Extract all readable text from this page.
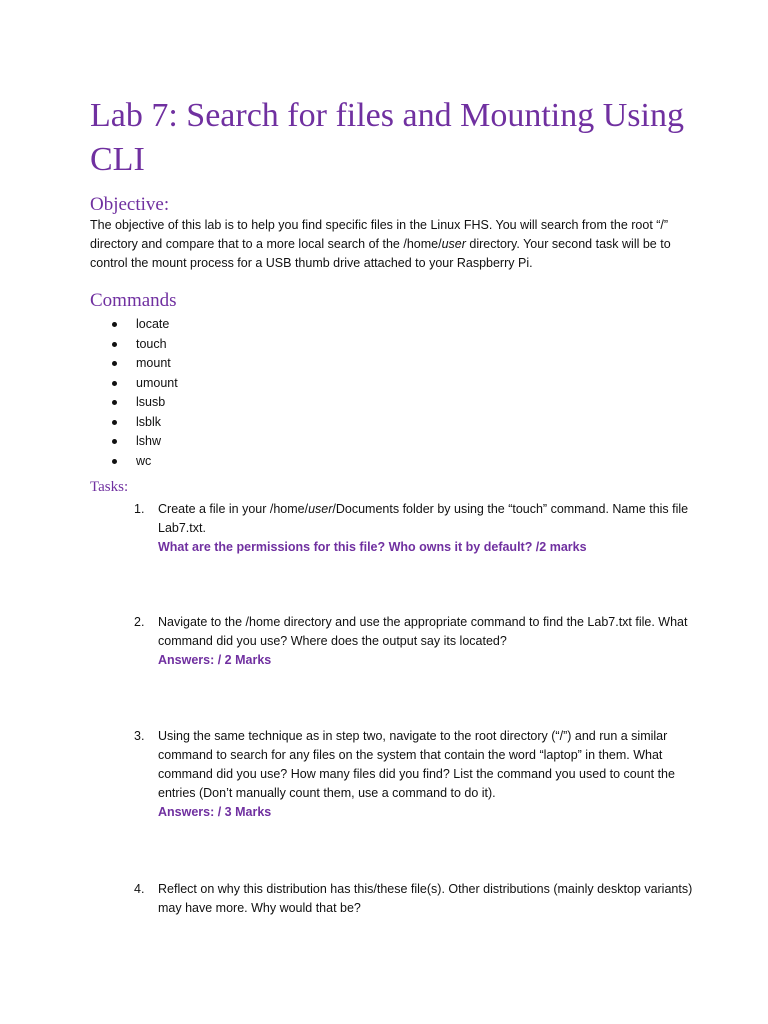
Lab 7: Search for files and Mounting Using CLI
Objective:

The objective of this lab is to help you find specific files in the Linux FHS. You will search from the root “/” directory and compare that to a more local search of the /home/user directory. Your second task will be to control the mount process for a USB thumb drive attached to your Raspberry Pi.

Commands
locate
touch
mount
umount
lsusb
lsblk
lshw
wc
Tasks:
1.	Create a file in your /home/user/Documents folder by using the “touch” command. Name this file Lab7.txt.
What are the permissions for this file? Who owns it by default? /2 marks
2.	Navigate to the /home directory and use the appropriate command to find the Lab7.txt file. What command did you use? Where does the output say its located?
Answers: / 2 Marks
3.	Using the same technique as in step two, navigate to the root directory (“/”) and run a similar command to search for any files on the system that contain the word “laptop” in them. What command did you use? How many files did you find? List the command you used to count the entries (Don’t manually count them, use a command to do it).
Answers: / 3 Marks
4.	Reflect on why this distribution has this/these file(s). Other distributions (mainly desktop variants) may have more. Why would that be?
